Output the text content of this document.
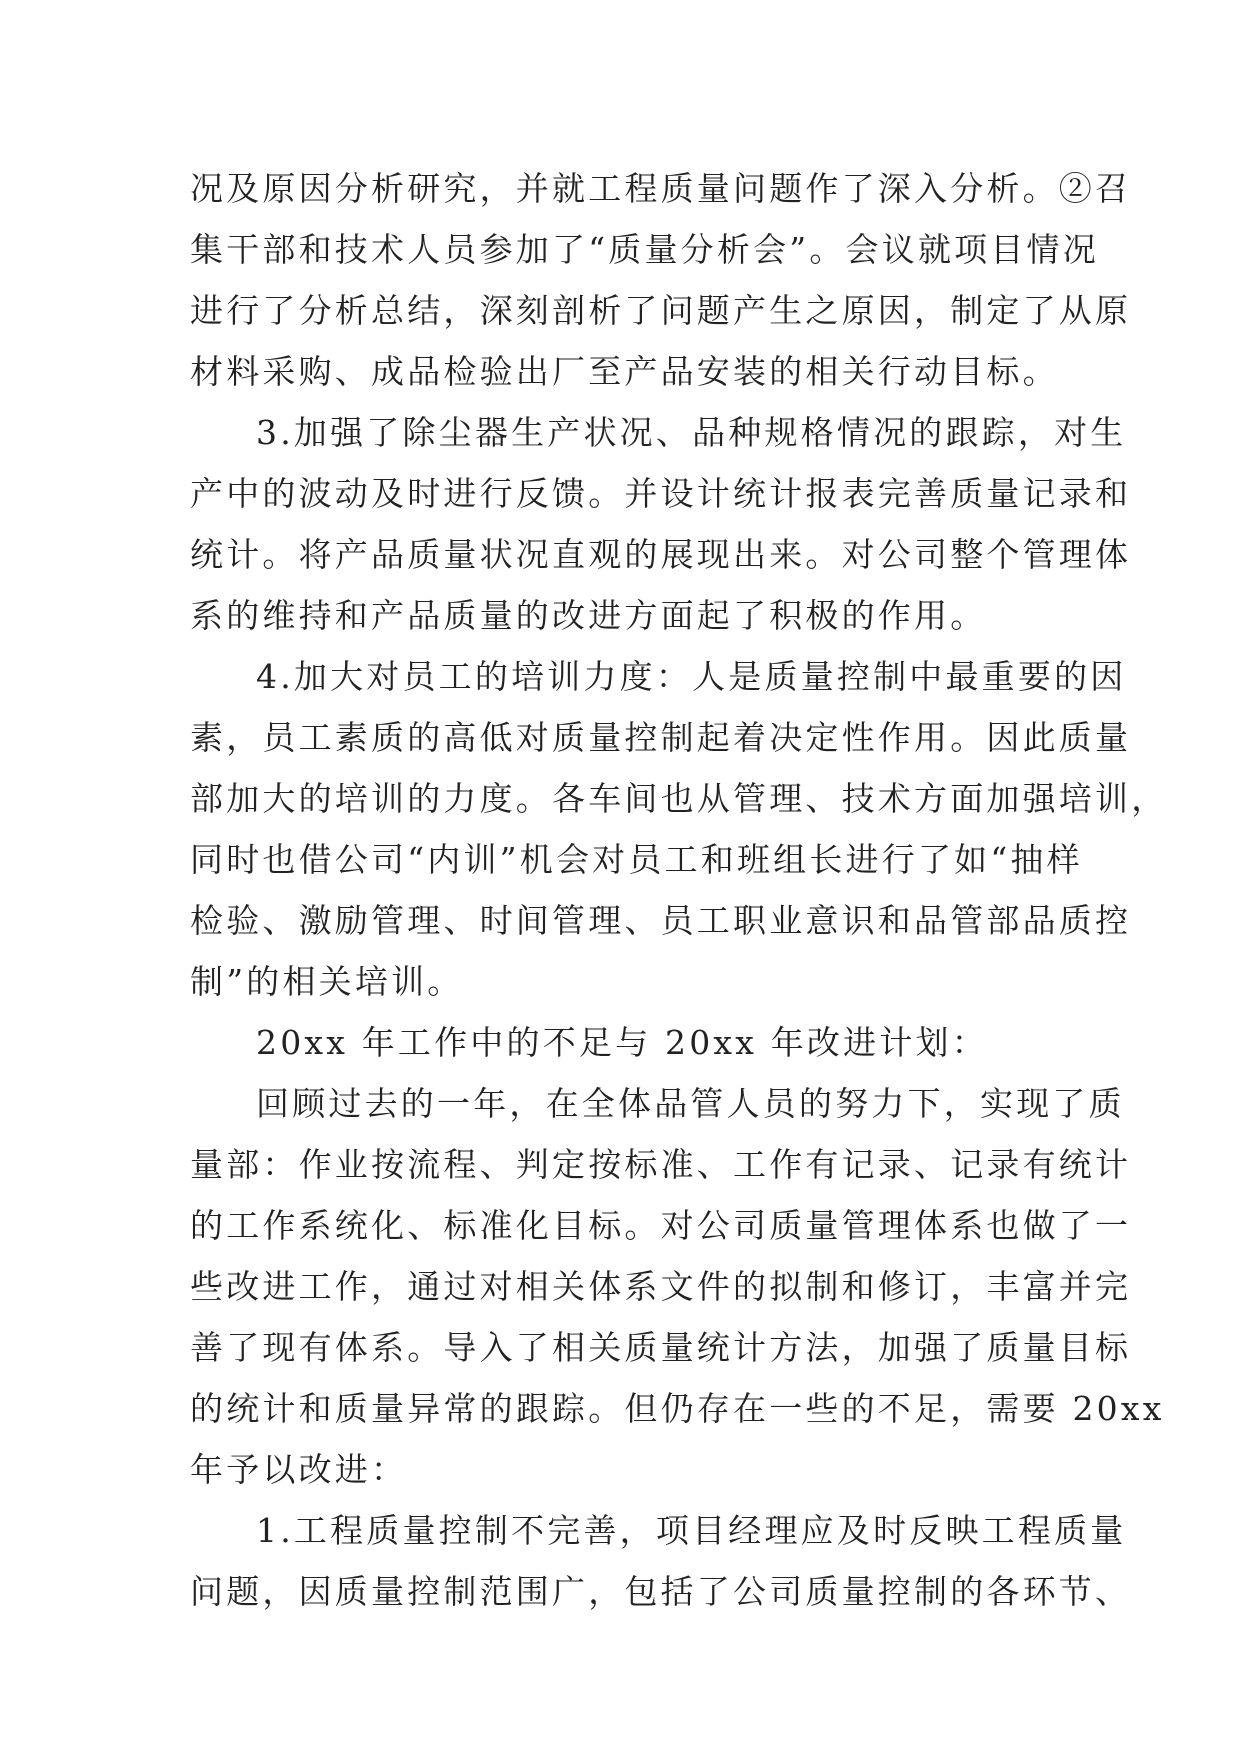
况及原因分析研究，并就工程质量问题作了深入分析。②召
集干部和技术人员参加了“质量分析会”。会议就项目情况
进行了分析总结，深刻剖析了问题产生之原因，制定了从原
材料采购、成品检验出厂至产品安装的相关行动目标。
3.加强了除尘器生产状况、品种规格情况的跟踪，对生
产中的波动及时进行反馈。并设计统计报表完善质量记录和
统计。将产品质量状况直观的展现出来。对公司整个管理体
系的维持和产品质量的改进方面起了积极的作用。
4.加大对员工的培训力度：人是质量控制中最重要的因
素，员工素质的高低对质量控制起着决定性作用。因此质量
部加大的培训的力度。各车间也从管理、技术方面加强培训，
同时也借公司“内训”机会对员工和班组长进行了如“抽样
检验、激励管理、时间管理、员工职业意识和品管部品质控
制”的相关培训。
20xx 年工作中的不足与 20xx 年改进计划：
回顾过去的一年，在全体品管人员的努力下，实现了质
量部：作业按流程、判定按标准、工作有记录、记录有统计
的工作系统化、标准化目标。对公司质量管理体系也做了一
些改进工作，通过对相关体系文件的拟制和修订，丰富并完
善了现有体系。导入了相关质量统计方法，加强了质量目标
的统计和质量异常的跟踪。但仍存在一些的不足，需要 20xx
年予以改进：
1.工程质量控制不完善，项目经理应及时反映工程质量
问题，因质量控制范围广，包括了公司质量控制的各环节、
